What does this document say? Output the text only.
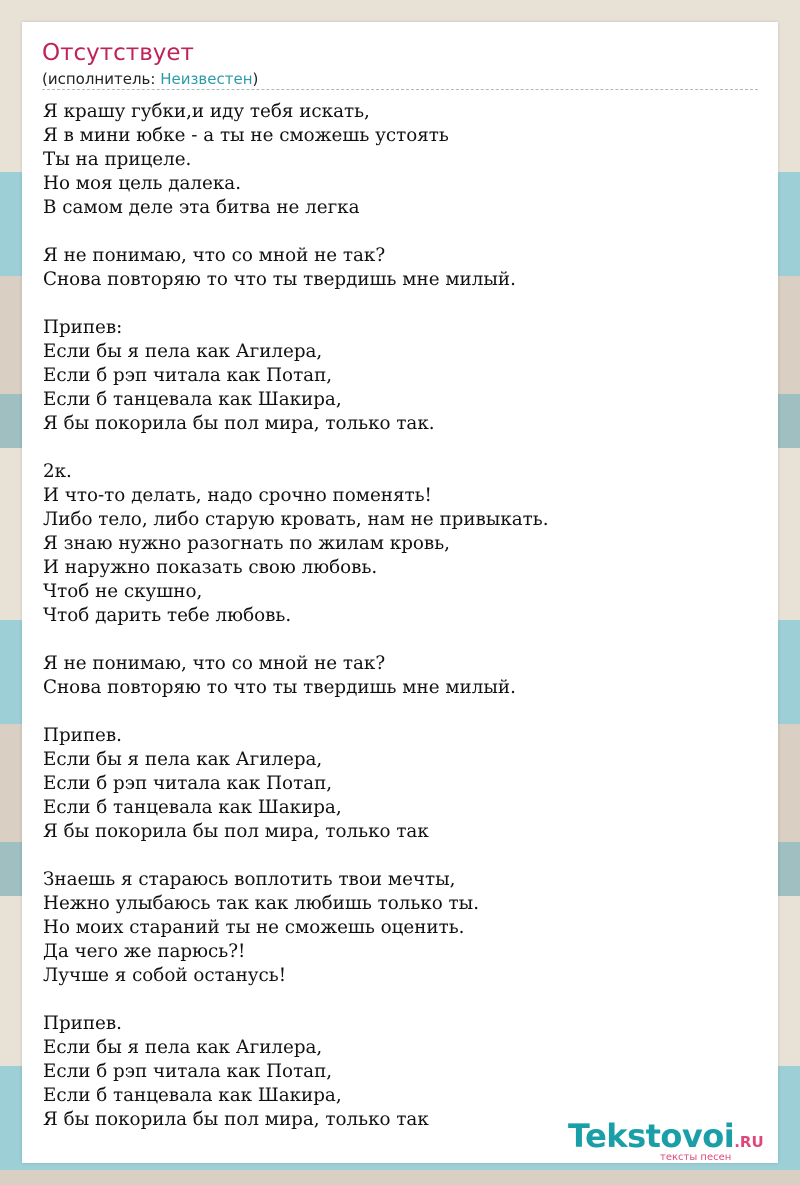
Отсутствует
(исполнитель: Неизвестен)
Я крашу губки,и иду тебя искать,
Я в мини юбке - а ты не сможешь устоять
Ты на прицеле.
Но моя цель далека.
В самом деле эта битва не легка
Я не понимаю, что со мной не так?
Снова повторяю то что ты твердишь мне милый.
Припев:
Если бы я пела как Агилера,
Если б рэп читала как Потап,
Если б танцевала как Шакира,
Я бы покорила бы пол мира, только так.
2к.
И что-то делать, надо срочно поменять!
Либо тело, либо старую кровать, нам не привыкать.
Я знаю нужно разогнать по жилам кровь,
И наружно показать свою любовь.
Чтоб не скушно,
Чтоб дарить тебе любовь.
Я не понимаю, что со мной не так?
Снова повторяю то что ты твердишь мне милый.
Припев.
Если бы я пела как Агилера,
Если б рэп читала как Потап,
Если б танцевала как Шакира,
Я бы покорила бы пол мира, только так
Знаешь я стараюсь воплотить твои мечты,
Нежно улыбаюсь так как любишь только ты.
Но моих стараний ты не сможешь оценить.
Да чего же парюсь?!
Лучше я собой останусь!
Припев.
Если бы я пела как Агилера,
Если б рэп читала как Потап,
Если б танцевала как Шакира,
Я бы покорила бы пол мира, только так	Tekstovoi.RU
тексты песен
